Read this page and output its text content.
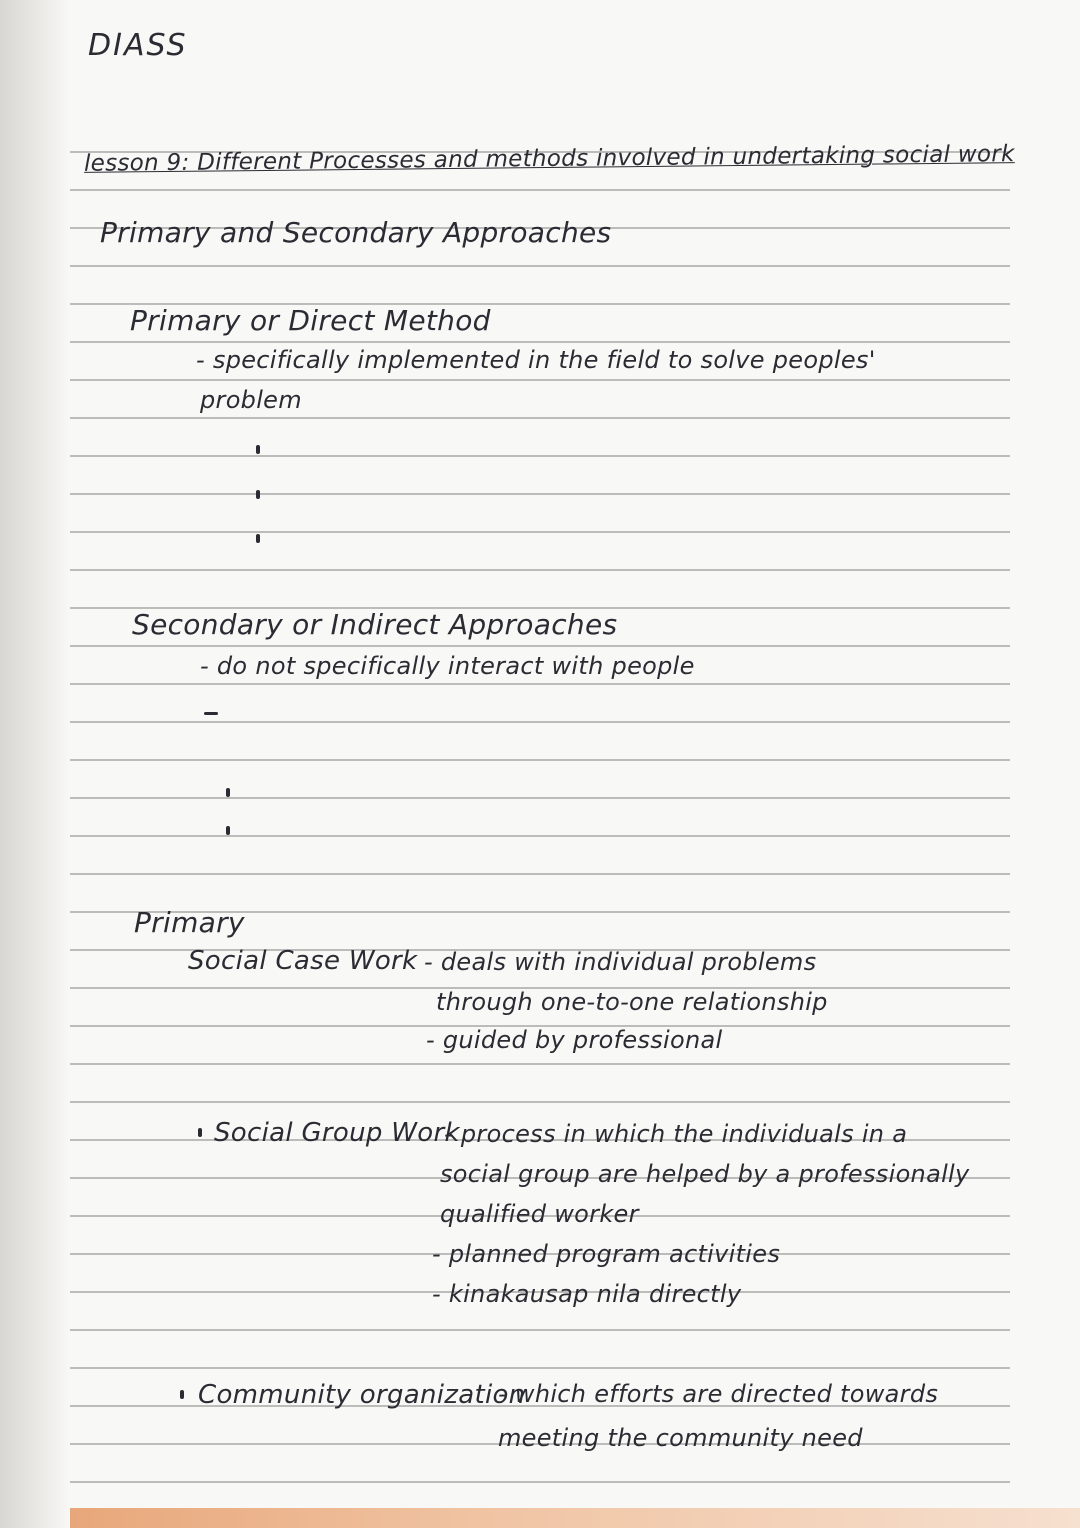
DIASS
lesson 9: Different Processes and methods involved in undertaking social work
Primary and Secondary Approaches
Primary or Direct Method
- specifically implemented in the field to solve peoples'
problem
Secondary or Indirect Approaches
- do not specifically interact with people
Primary
Social Case Work - deals with individual problems
through one-to-one relationship
- guided by professional
Social Group Work
- process in which the individuals in a
social group are helped by a professionally
qualified worker
- planned program activities
- kinakausap nila directly
Community organization
- which efforts are directed towards
meeting the community need
